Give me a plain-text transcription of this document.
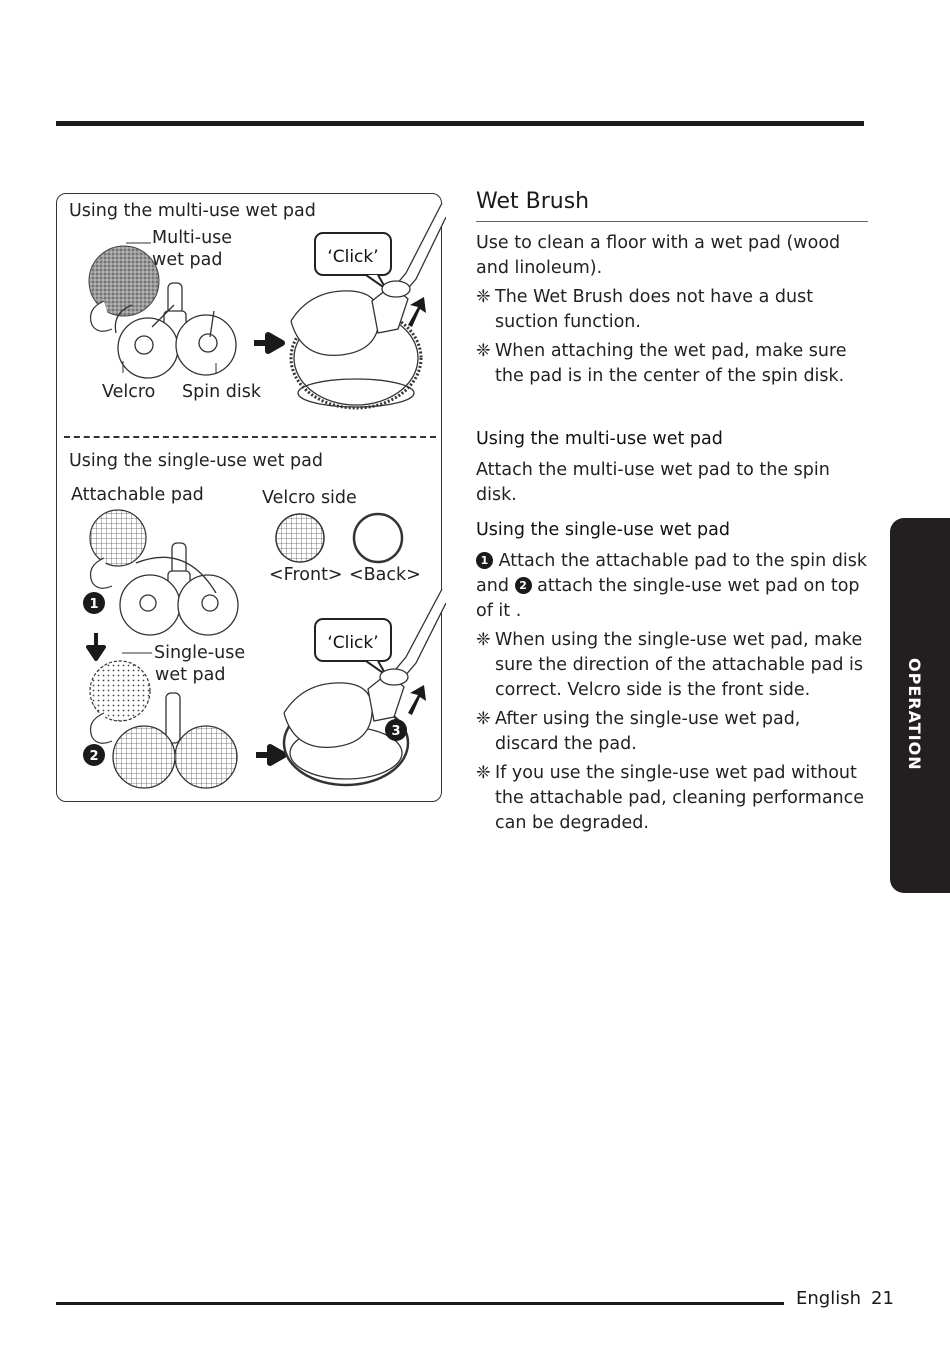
Using the multi-use wet pad
Multi-use
wet pad
Velcro Spin disk
Using the single-use wet pad
Attachable pad	Velcro side
<Front> <Back>
Single-use
wet pad
1
2
3
‘Click’
‘Click’
Wet Brush

Use to clean a floor with a wet pad (wood and linoleum).

❈ The Wet Brush does not have a dust suction function.

❈ When attaching the wet pad, make sure the pad is in the center of the spin disk.

Using the multi-use wet pad

Attach the multi-use wet pad to the spin disk.

Using the single-use wet pad

1 Attach the attachable pad to the spin disk and 2 attach the single-use wet pad on top of it .

❈ When using the single-use wet pad, make sure the direction of the attachable pad is correct. Velcro side is the front side.

❈ After using the single-use wet pad, discard the pad.

❈ If you use the single-use wet pad without the attachable pad, cleaning performance can be degraded.

OPERATION
English 21
